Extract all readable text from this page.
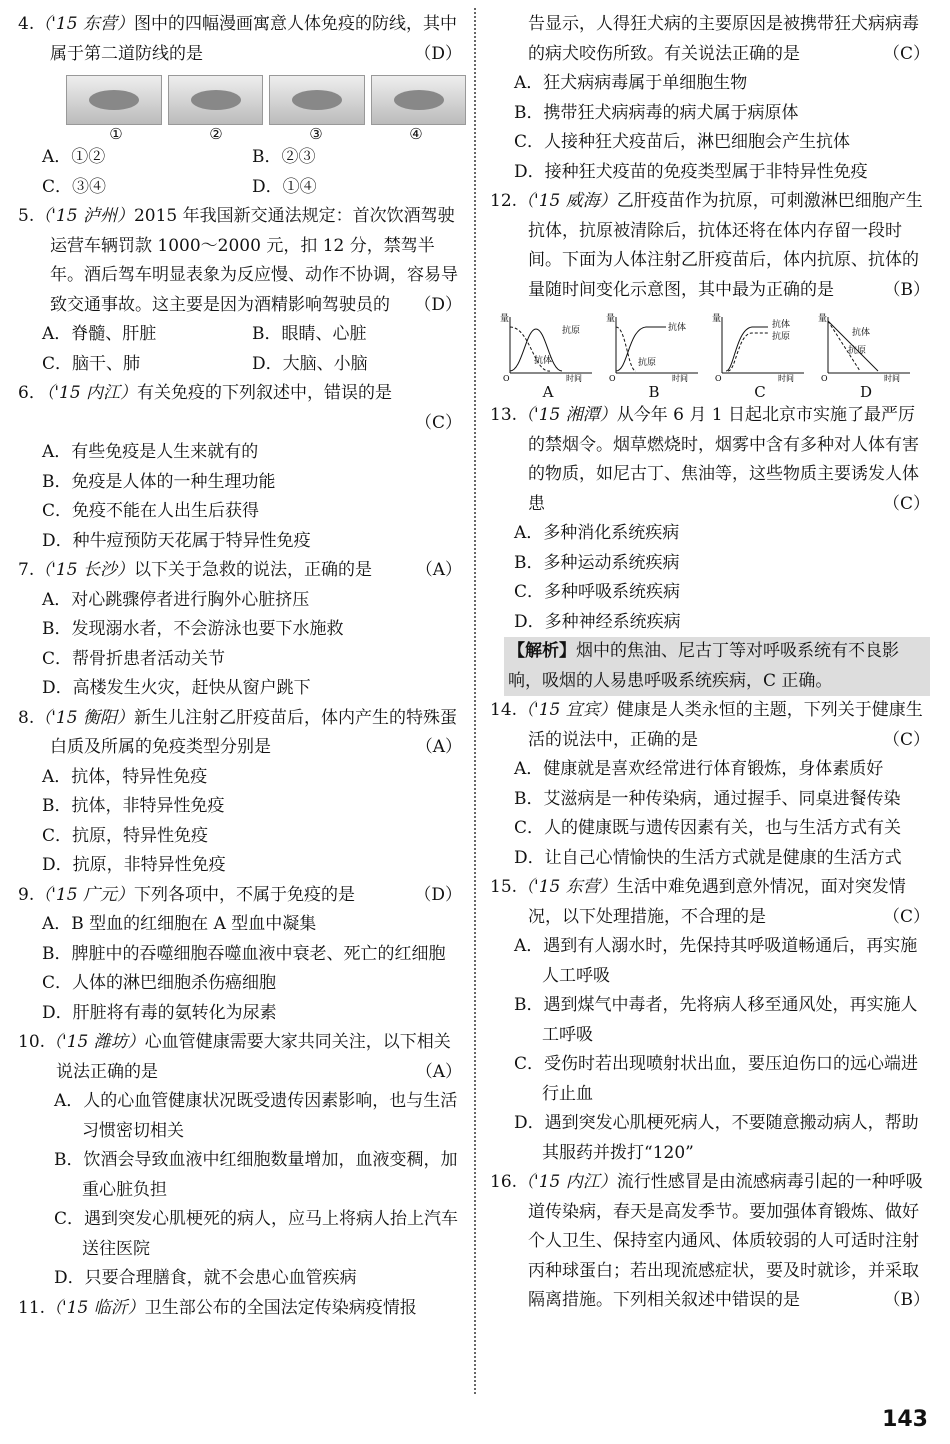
4.（'15 东营）图中的四幅漫画寓意人体免疫的防线，其中属于第二道防线的是	（D）

①	②	③	④
A．①②	B．②③
C．③④	D．①④

5.（'15 泸州）2015 年我国新交通法规定：首次饮酒驾驶运营车辆罚款 1000～2000 元，扣 12 分，禁驾半年。酒后驾车明显表象为反应慢、动作不协调，容易导致交通事故。这主要是因为酒精影响驾驶员的 （D）

A．脊髓、肝脏	B．眼睛、心脏
C．脑干、肺	D．大脑、小脑

6．（'15 内江）有关免疫的下列叙述中，错误的是

（C）

A．有些免疫是人生来就有的
B．免疫是人体的一种生理功能
C．免疫不能在人出生后获得
D．种牛痘预防天花属于特异性免疫

7.（'15 长沙）以下关于急救的说法，正确的是	（A）

A．对心跳骤停者进行胸外心脏挤压
B．发现溺水者，不会游泳也要下水施救
C．帮骨折患者活动关节
D．高楼发生火灾，赶快从窗户跳下

8.（'15 衡阳）新生儿注射乙肝疫苗后，体内产生的特殊蛋白质及所属的免疫类型分别是	（A）

A．抗体，特异性免疫
B．抗体，非特异性免疫
C．抗原，特异性免疫
D．抗原，非特异性免疫

9.（'15 广元）下列各项中，不属于免疫的是	（D）

A．B 型血的红细胞在 A 型血中凝集
B．脾脏中的吞噬细胞吞噬血液中衰老、死亡的红细胞
C．人体的淋巴细胞杀伤癌细胞
D．肝脏将有毒的氨转化为尿素

10.（'15 潍坊）心血管健康需要大家共同关注，以下相关说法正确的是	（A）

A．人的心血管健康状况既受遗传因素影响，也与生活习惯密切相关
B．饮酒会导致血液中红细胞数量增加，血液变稠，加重心脏负担
C．遇到突发心肌梗死的病人，应马上将病人抬上汽车送往医院
D．只要合理膳食，就不会患心血管疾病

11.（'15 临沂）卫生部公布的全国法定传染病疫情报

告显示，人得狂犬病的主要原因是被携带狂犬病病毒的病犬咬伤所致。有关说法正确的是	（C）

A．狂犬病病毒属于单细胞生物
B．携带狂犬病病毒的病犬属于病原体
C．人接种狂犬疫苗后，淋巴细胞会产生抗体
D．接种狂犬疫苗的免疫类型属于非特异性免疫

12.（'15 威海）乙肝疫苗作为抗原，可刺激淋巴细胞产生抗体，抗原被清除后，抗体还将在体内存留一段时间。下面为人体注射乙肝疫苗后，体内抗原、抗体的量随时间变化示意图，其中最为正确的是	（B）

量
O	时间
抗原
抗体
量
O	时间
抗体
抗原
量
O	时间
抗体
抗原
量
O	时间
抗体
抗原
A	B	C	D

13.（'15 湘潭）从今年 6 月 1 日起北京市实施了最严厉的禁烟令。烟草燃烧时，烟雾中含有多种对人体有害的物质，如尼古丁、焦油等，这些物质主要诱发人体患	（C）

A．多种消化系统疾病
B．多种运动系统疾病
C．多种呼吸系统疾病
D．多种神经系统疾病
【解析】烟中的焦油、尼古丁等对呼吸系统有不良影响，吸烟的人易患呼吸系统疾病，C 正确。

14.（'15 宜宾）健康是人类永恒的主题，下列关于健康生活的说法中，正确的是	（C）

A．健康就是喜欢经常进行体育锻炼，身体素质好
B．艾滋病是一种传染病，通过握手、同桌进餐传染
C．人的健康既与遗传因素有关，也与生活方式有关
D．让自己心情愉快的生活方式就是健康的生活方式

15.（'15 东营）生活中难免遇到意外情况，面对突发情况，以下处理措施，不合理的是	（C）

A．遇到有人溺水时，先保持其呼吸道畅通后，再实施人工呼吸
B．遇到煤气中毒者，先将病人移至通风处，再实施人工呼吸
C．受伤时若出现喷射状出血，要压迫伤口的远心端进行止血
D．遇到突发心肌梗死病人，不要随意搬动病人，帮助其服药并拨打“120”

16.（'15 内江）流行性感冒是由流感病毒引起的一种呼吸道传染病，春天是高发季节。要加强体育锻炼、做好个人卫生、保持室内通风、体质较弱的人可适时注射丙种球蛋白；若出现流感症状，要及时就诊，并采取隔离措施。下列相关叙述中错误的是	（B）

143
